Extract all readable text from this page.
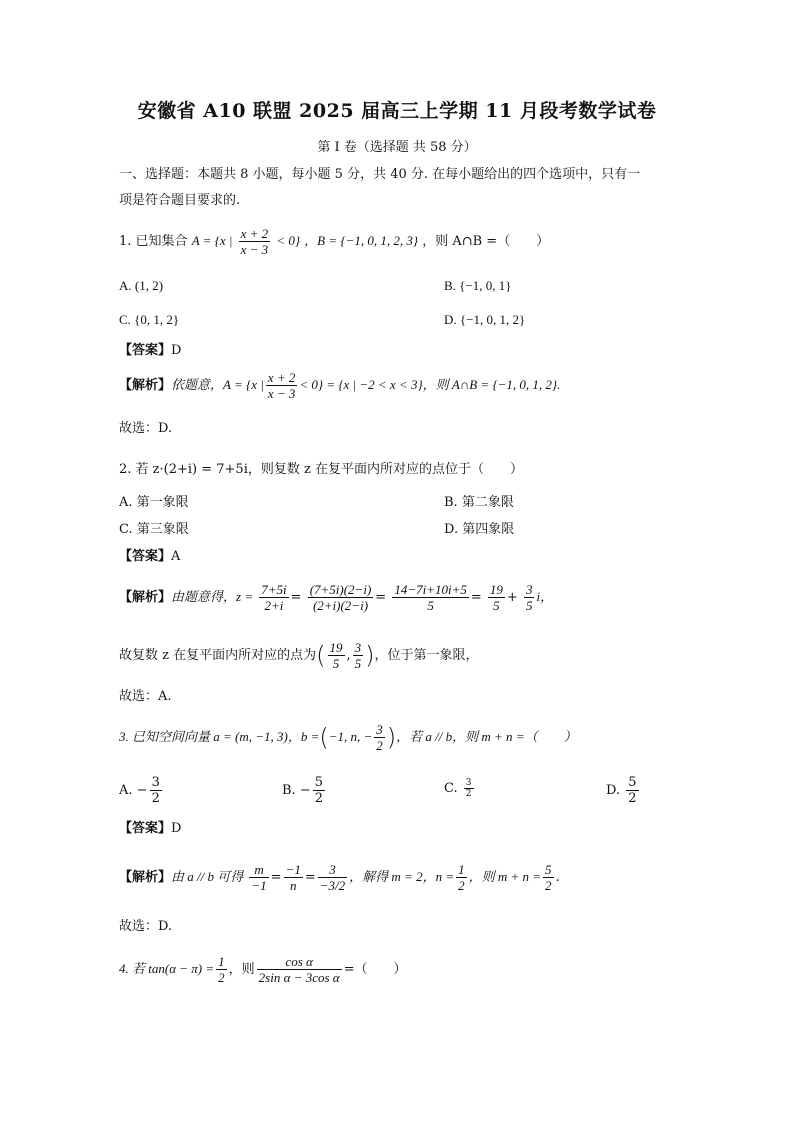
安徽省 A10 联盟 2025 届高三上学期 11 月段考数学试卷
第 I 卷（选择题 共 58 分）
一、选择题：本题共 8 小题，每小题 5 分，共 40 分. 在每小题给出的四个选项中，只有一
项是符合题目要求的.
1. 已知集合 A = {x | $\frac{x + 2}{x - 3} < 0$} ，B = {−1, 0, 1, 2, 3} ，则 A∩B =（　　）
A. (1, 2)	B. {−1, 0, 1}
C. {0, 1, 2}	D. {−1, 0, 1, 2}
【答案】D
【解析】依题意，A = {x | $\frac{x + 2}{x - 3} < 0\} = \{x$ | −2 < x < 3}，则 A∩B = {−1, 0, 1, 2}.
故选：D.
2. 若 z·(2+i) = 7+5i，则复数 z 在复平面内所对应的点位于（　　）
A. 第一象限	B. 第二象限
C. 第三象限	D. 第四象限
【答案】A
【解析】由题意得，$z = \frac{7+5i}{2+i} = \frac{(7+5i)(2-i)}{(2+i)(2-i)} = \frac{14-7i+10i+5}{5} = \frac{19}{5} + \frac{3}{5}$ i，
故复数 z 在复平面内所对应的点为( $\frac{19}{5}$ , $\frac{3}{5}$ )，位于第一象限，
故选：A.
3. 已知空间向量 a = (m, −1, 3)，b =(−1, n, − $\frac{3}{2}$ )，若 a // b，则 m + n =（　　）
A. − $\frac{3}{2}$	B. − $\frac{5}{2}$	C. $\frac{3}{2}$	D. $\frac{5}{2}$
【答案】D
【解析】由 a // b 可得 $\frac{m}{-1} = \frac{-1}{n} = \frac{3}{-3/2}$ ，解得 m = 2，$n = \frac{1}{2}$ ，则 $m + n = \frac{5}{2}$ .
故选：D.
4. 若 $\tan(\alpha - \pi) = \frac{1}{2}$ ，则 $\frac{\text{cos α}}{\text{2sin α − 3cos α}}$ =（　　）
